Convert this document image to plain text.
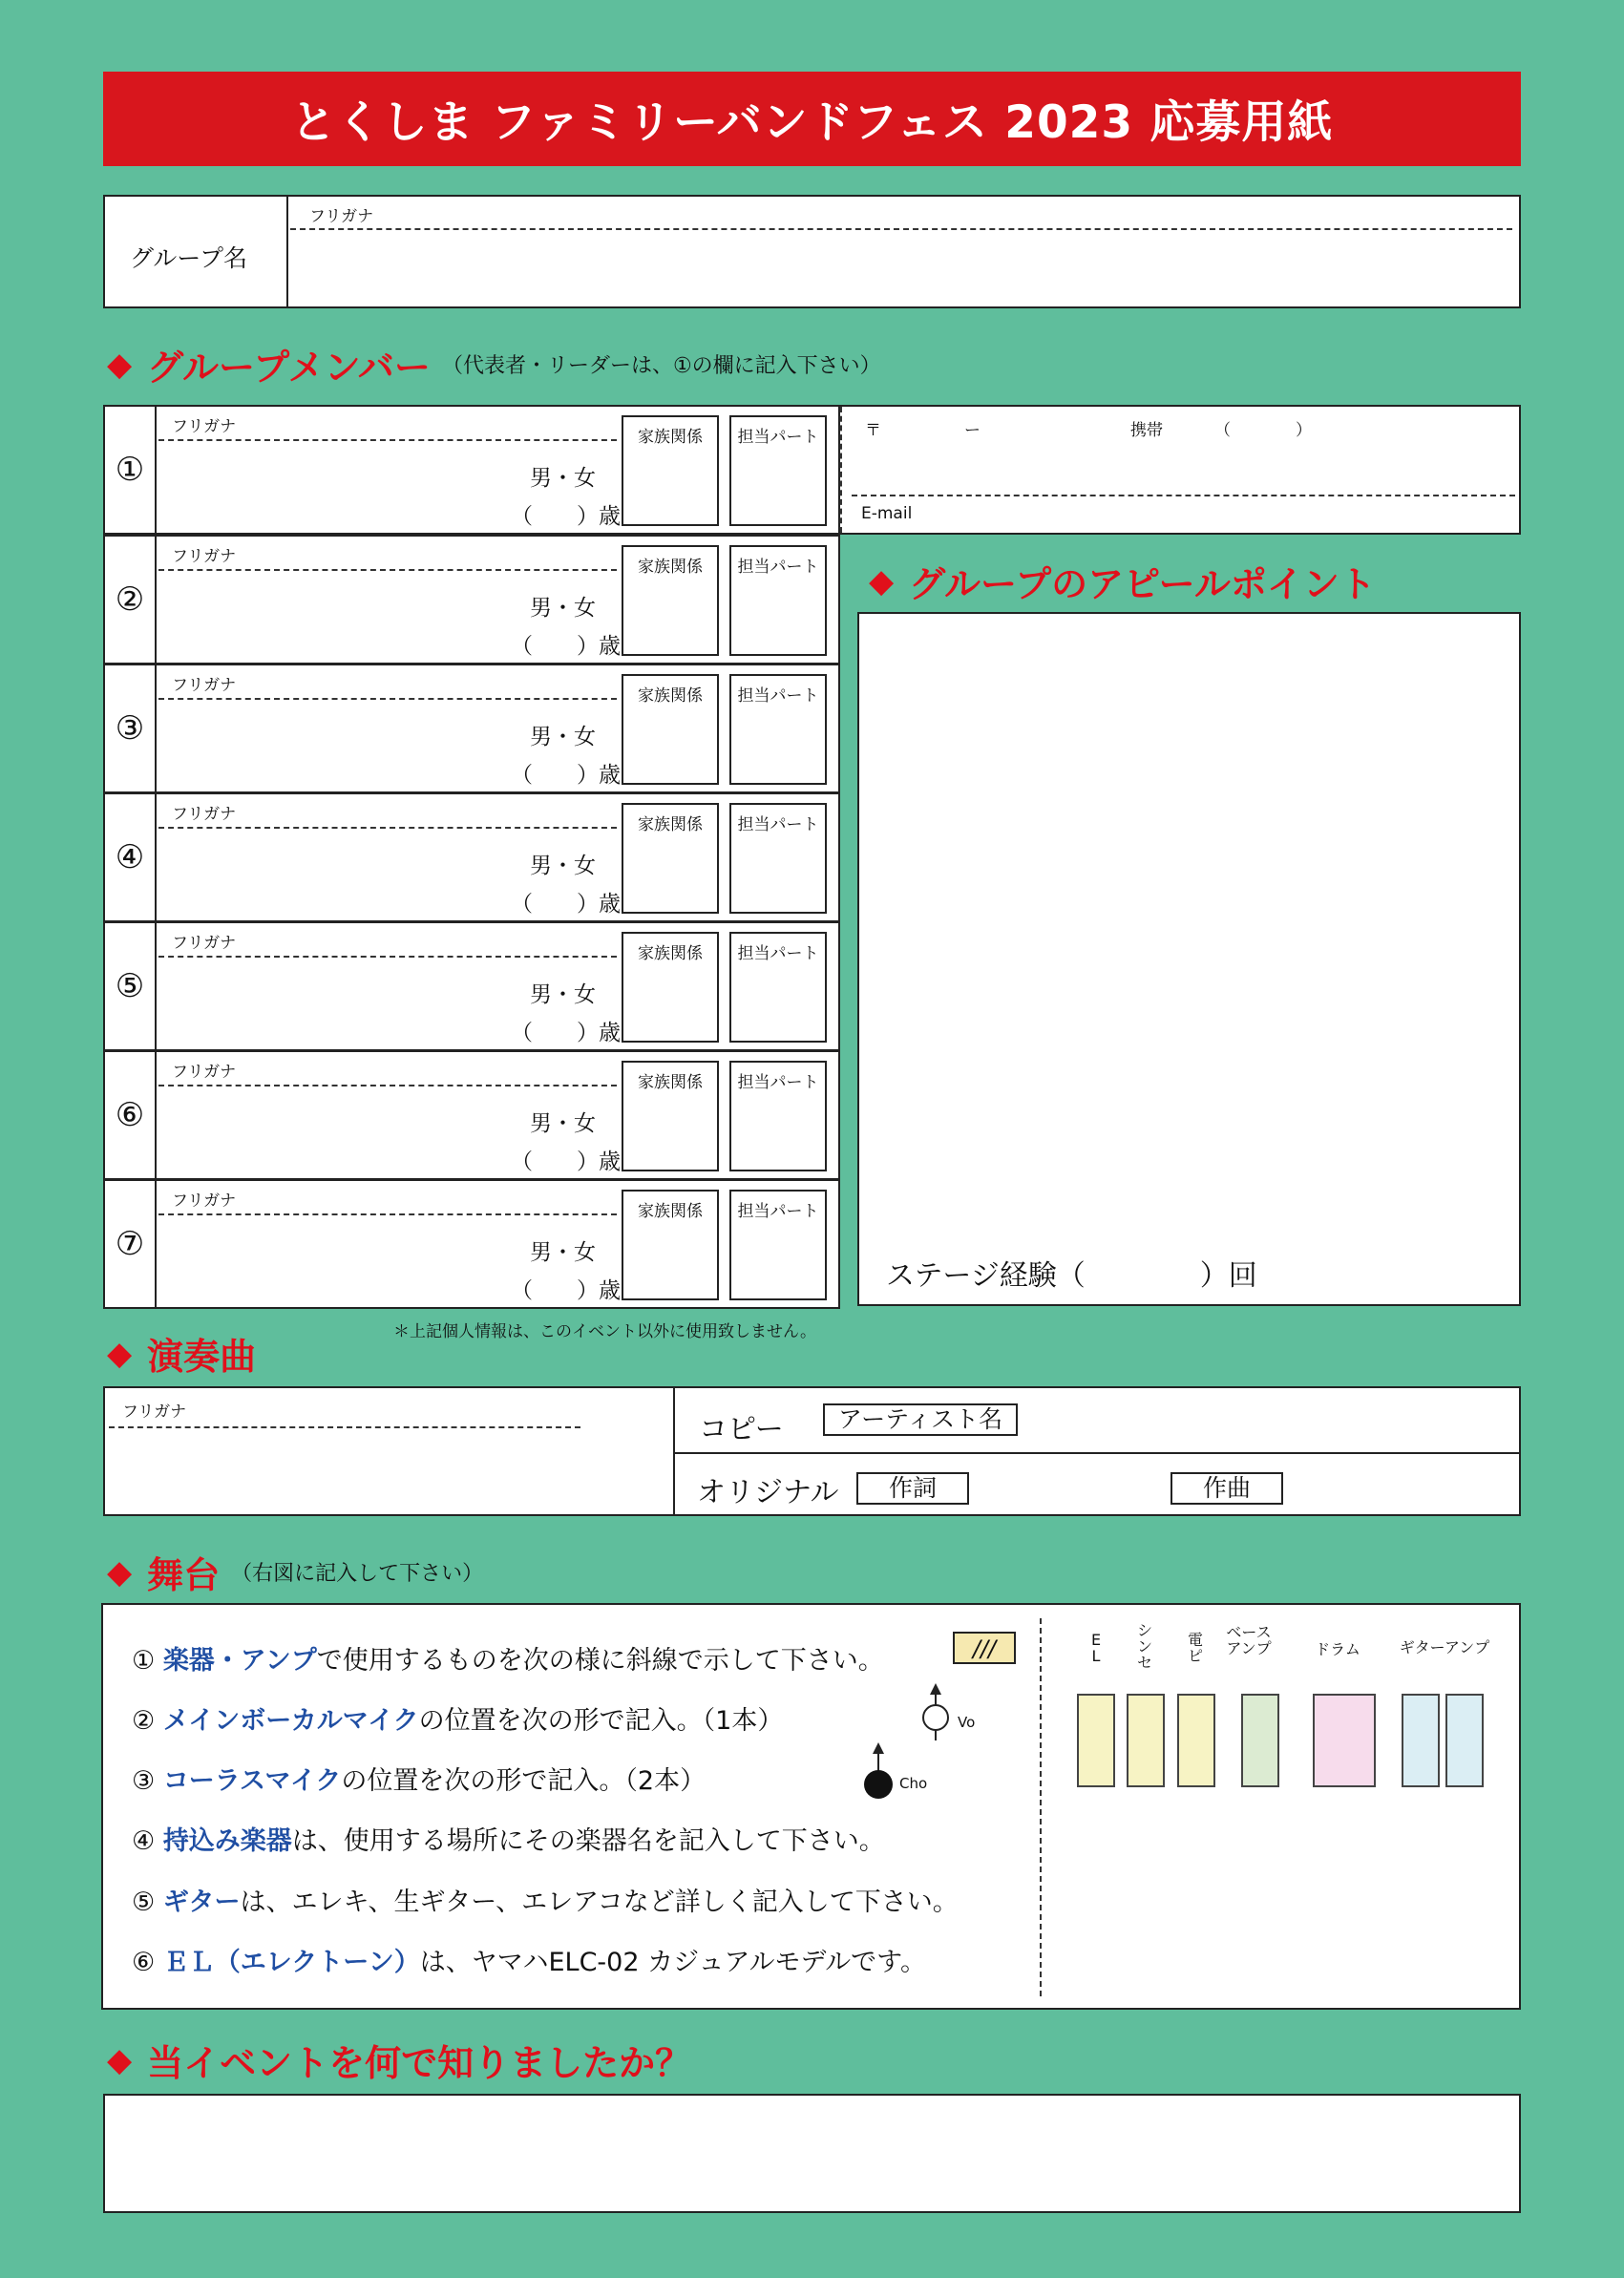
とくしま ファミリーバンドフェス 2023 応募用紙
グループ名
フリガナ
◆ グループメンバー （代表者・リーダーは、①の欄に記入下さい）
①
フリガナ
男・女
（　　）歳
家族関係	担当パート
②
フリガナ
男・女
（　　）歳
家族関係	担当パート
③
フリガナ
男・女
（　　）歳
家族関係	担当パート
④
フリガナ
男・女
（　　）歳
家族関係	担当パート
⑤
フリガナ
男・女
（　　）歳
家族関係	担当パート
⑥
フリガナ
男・女
（　　）歳
家族関係	担当パート
⑦
フリガナ
男・女
（　　）歳
家族関係	担当パート
〒	ー	携帯	（　　　　）
E-mail
◆ グループのアピールポイント
ステージ経験（　　　　）回
＊上記個人情報は、このイベント以外に使用致しません。
◆ 演奏曲
フリガナ
コピー	アーティスト名
オリジナル	作詞	作曲
◆ 舞台 （右図に記入して下さい）
① 楽器・アンプで使用するものを次の様に斜線で示して下さい。
② メインボーカルマイクの位置を次の形で記入。（1本）
③ コーラスマイクの位置を次の形で記入。（2本）
④ 持込み楽器は、使用する場所にその楽器名を記入して下さい。
⑤ ギターは、エレキ、生ギター、エレアコなど詳しく記入して下さい。
⑥ ＥＬ（エレクトーン）は、ヤマハELC-02 カジュアルモデルです。
///
Vo
Cho
E
L
シ
ン
セ
電
ピ
ベース
アンプ	ドラム	ギターアンプ
◆ 当イベントを何で知りましたか？
